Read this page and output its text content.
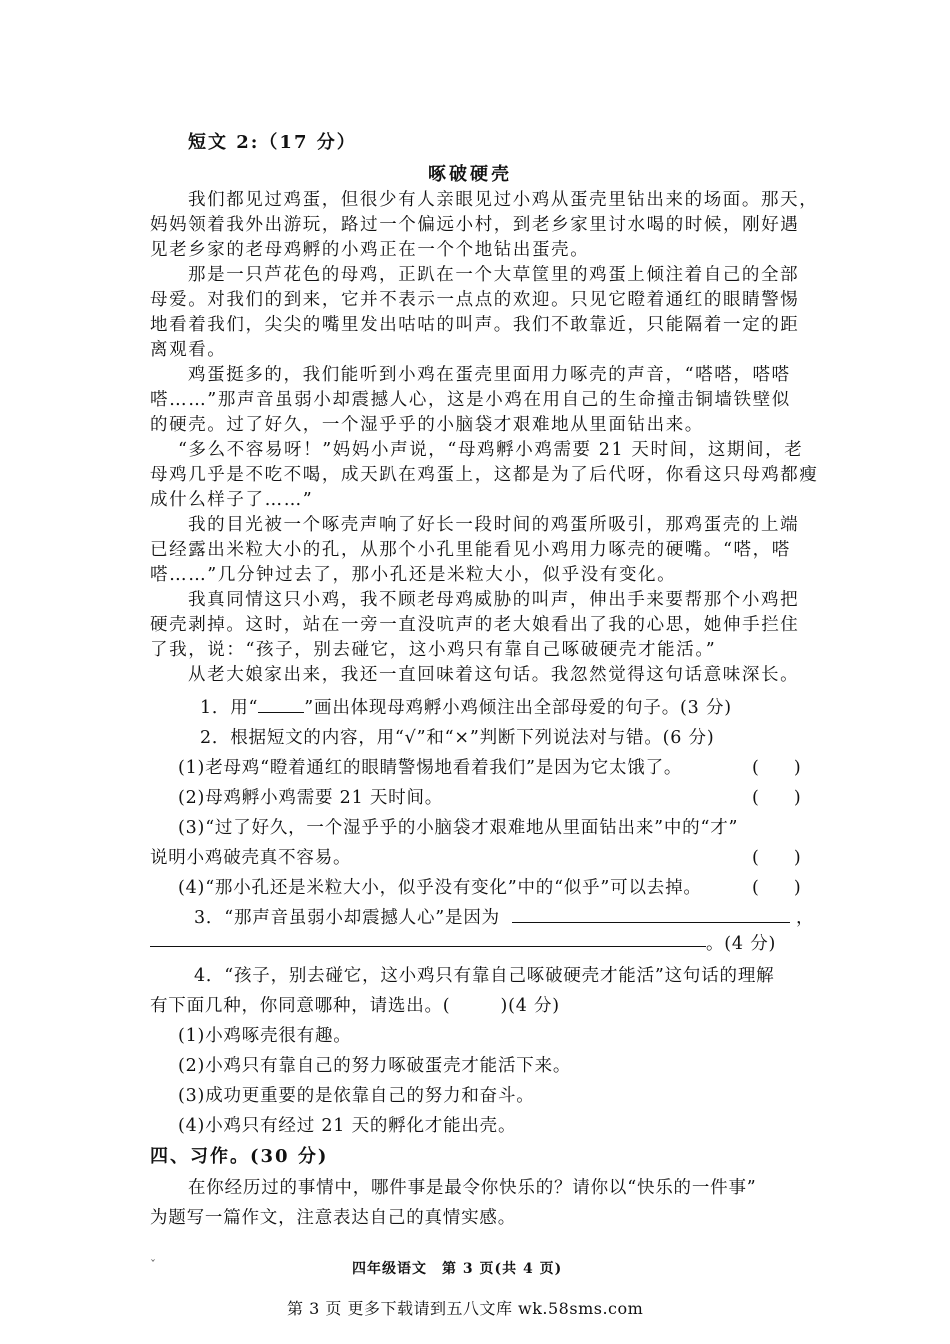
短文 2:（17 分）
啄破硬壳
我们都见过鸡蛋，但很少有人亲眼见过小鸡从蛋壳里钻出来的场面。那天，
妈妈领着我外出游玩，路过一个偏远小村，到老乡家里讨水喝的时候，刚好遇
见老乡家的老母鸡孵的小鸡正在一个个地钻出蛋壳。
那是一只芦花色的母鸡，正趴在一个大草筐里的鸡蛋上倾注着自己的全部
母爱。对我们的到来，它并不表示一点点的欢迎。只见它瞪着通红的眼睛警惕
地看着我们，尖尖的嘴里发出咕咕的叫声。我们不敢靠近，只能隔着一定的距
离观看。
鸡蛋挺多的，我们能听到小鸡在蛋壳里面用力啄壳的声音，“嗒嗒，嗒嗒
嗒……”那声音虽弱小却震撼人心，这是小鸡在用自己的生命撞击铜墙铁壁似
的硬壳。过了好久，一个湿乎乎的小脑袋才艰难地从里面钻出来。
“多么不容易呀！”妈妈小声说，“母鸡孵小鸡需要 21 天时间，这期间，老
母鸡几乎是不吃不喝，成天趴在鸡蛋上，这都是为了后代呀，你看这只母鸡都瘦
成什么样子了……”
我的目光被一个啄壳声响了好长一段时间的鸡蛋所吸引，那鸡蛋壳的上端
已经露出米粒大小的孔，从那个小孔里能看见小鸡用力啄壳的硬嘴。“嗒，嗒
嗒……”几分钟过去了，那小孔还是米粒大小，似乎没有变化。
我真同情这只小鸡，我不顾老母鸡威胁的叫声，伸出手来要帮那个小鸡把
硬壳剥掉。这时，站在一旁一直没吭声的老大娘看出了我的心思，她伸手拦住
了我，说：“孩子，别去碰它，这小鸡只有靠自己啄破硬壳才能活。”
从老大娘家出来，我还一直回味着这句话。我忽然觉得这句话意味深长。
1．用“	”画出体现母鸡孵小鸡倾注出全部母爱的句子。(3 分)
2．根据短文的内容，用“√”和“×”判断下列说法对与错。(6 分)
(1)老母鸡“瞪着通红的眼睛警惕地看着我们”是因为它太饿了。	(　　)
(2)母鸡孵小鸡需要 21 天时间。	(　　)
(3)“过了好久，一个湿乎乎的小脑袋才艰难地从里面钻出来”中的“才”
说明小鸡破壳真不容易。	(　　)
(4)“那小孔还是米粒大小，似乎没有变化”中的“似乎”可以去掉。	(　　)
3．“那声音虽弱小却震撼人心”是因为	，
。(4 分)
4．“孩子，别去碰它，这小鸡只有靠自己啄破硬壳才能活”这句话的理解
有下面几种，你同意哪种，请选出。(	)(4 分)
(1)小鸡啄壳很有趣。
(2)小鸡只有靠自己的努力啄破蛋壳才能活下来。
(3)成功更重要的是依靠自己的努力和奋斗。
(4)小鸡只有经过 21 天的孵化才能出壳。
四、习作。(30 分)
在你经历过的事情中，哪件事是最令你快乐的？请你以“快乐的一件事”
为题写一篇作文，注意表达自己的真情实感。
ˇ	四年级语文　第 3 页(共 4 页)
第 3 页 更多下载请到五八文库 wk.58sms.com
